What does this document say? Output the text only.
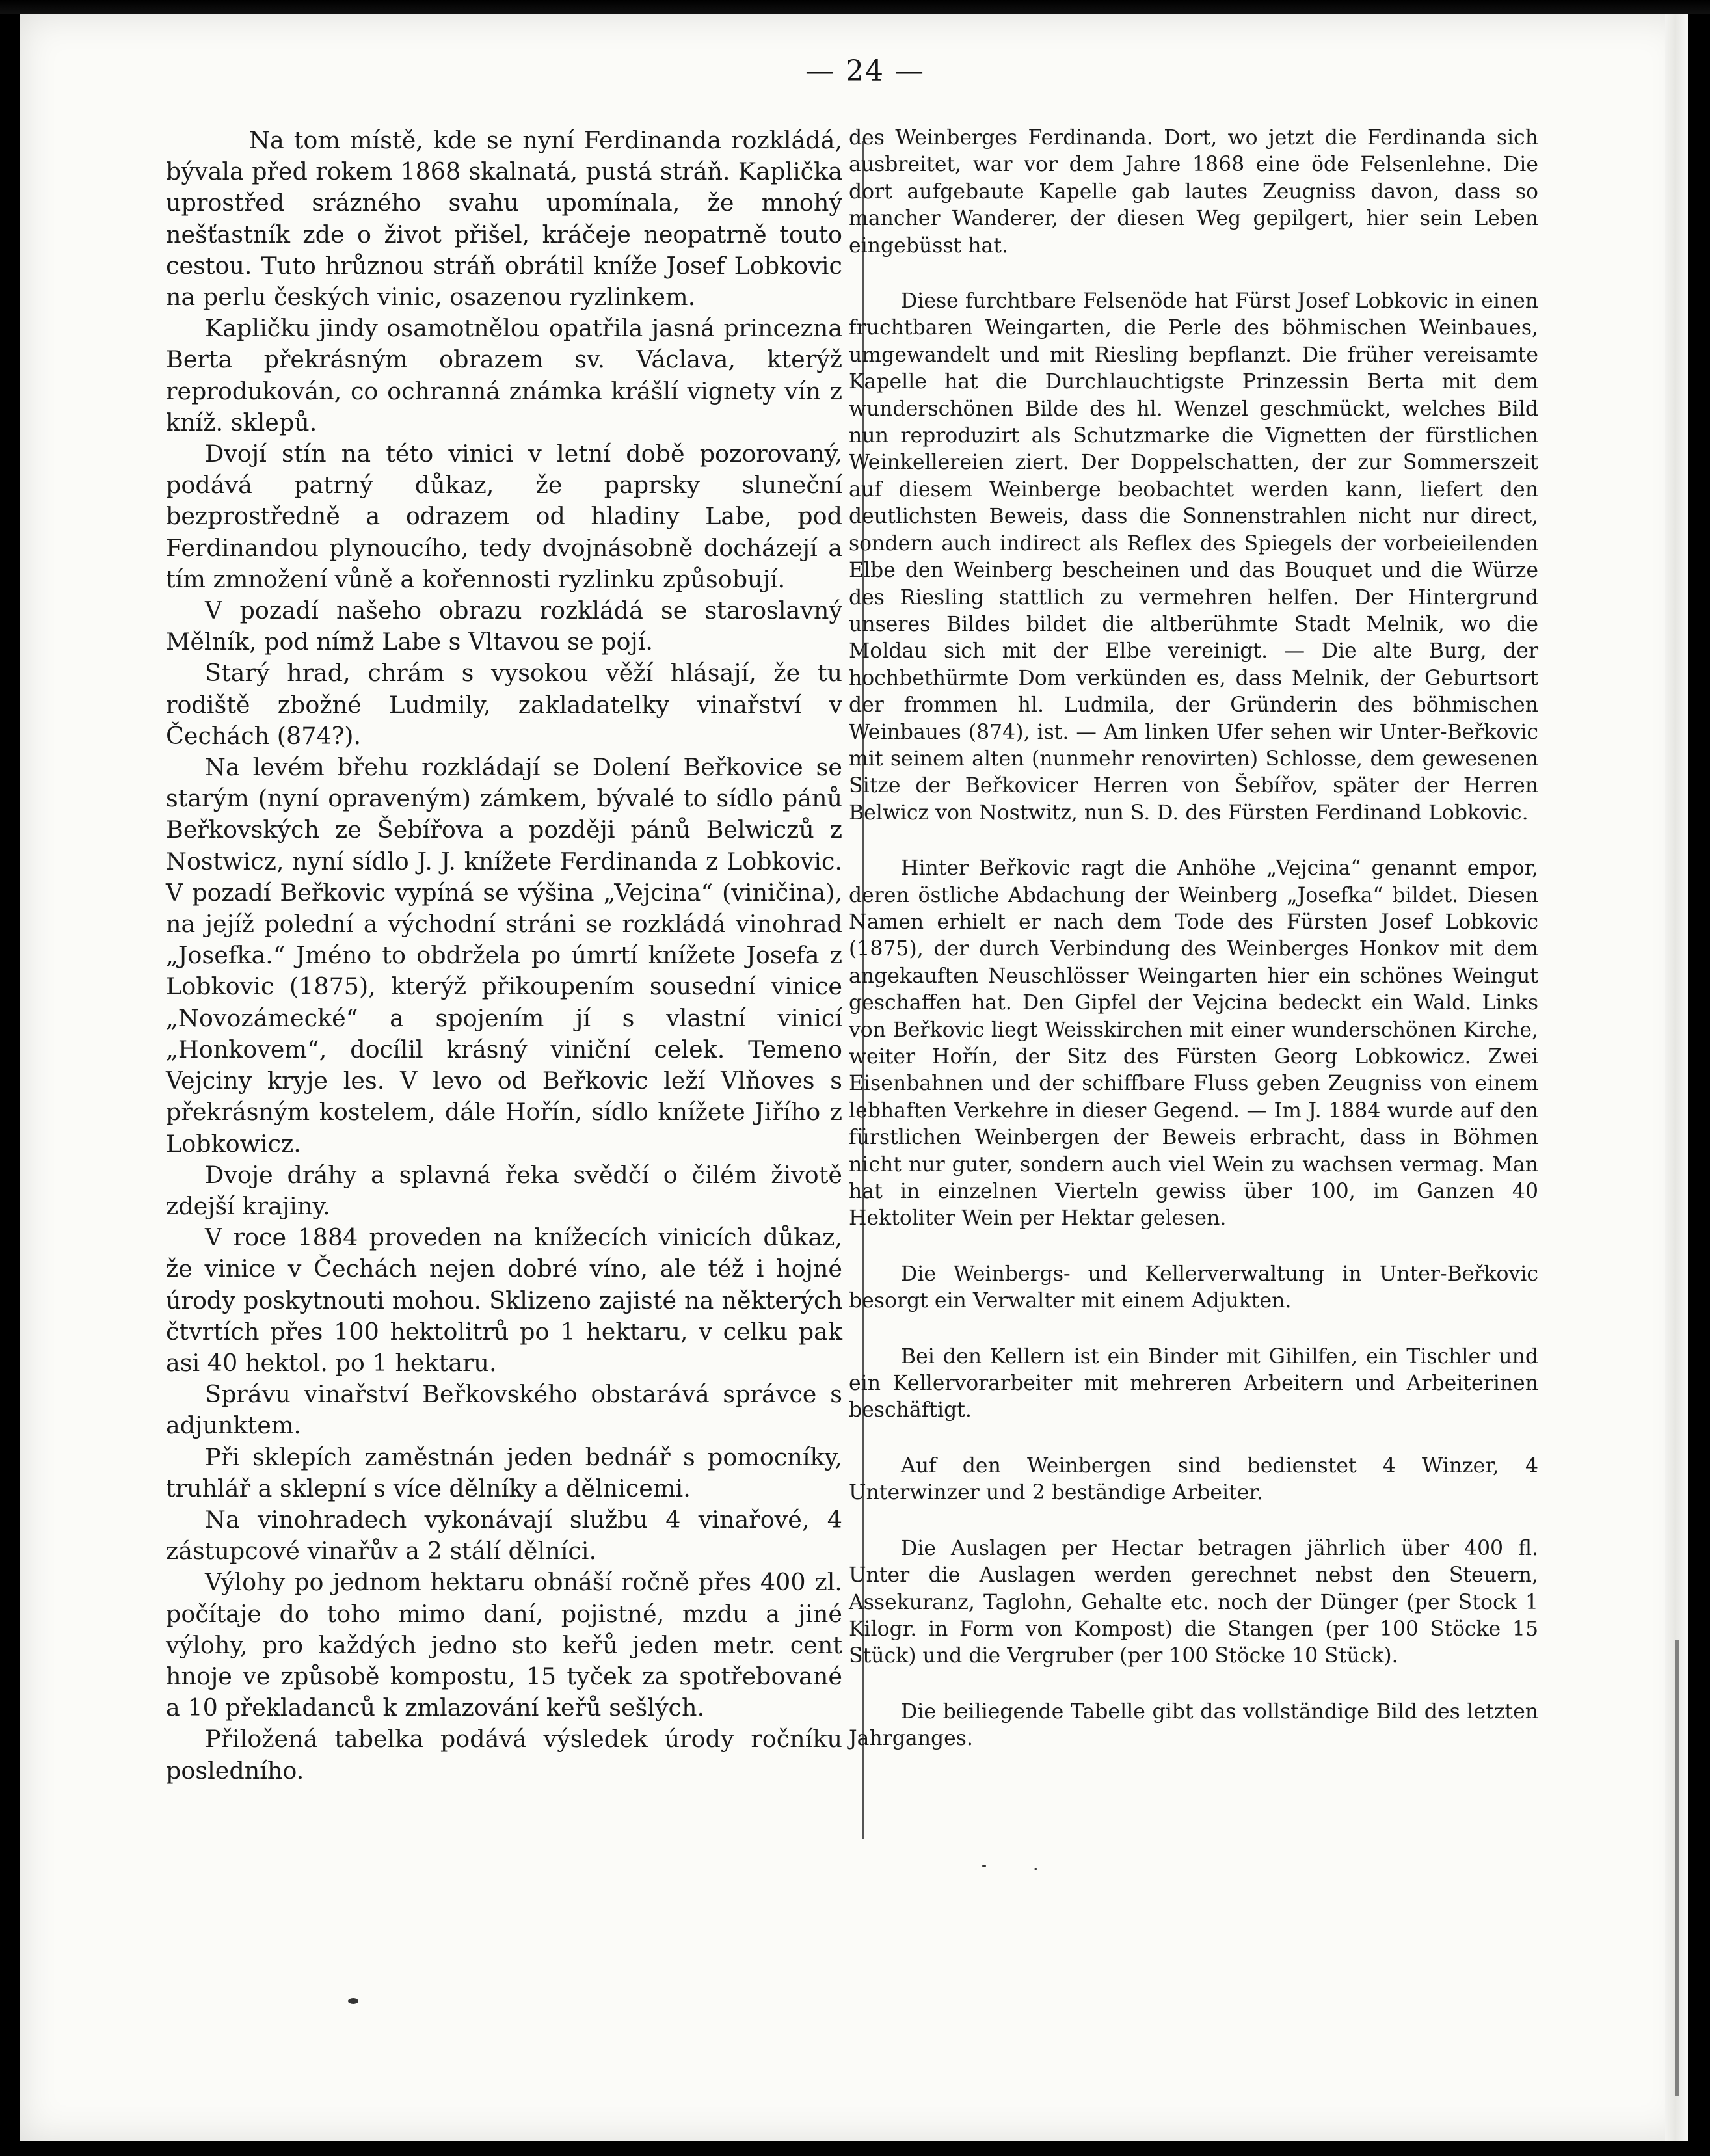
— 24 —

Na tom místě, kde se nyní Ferdinanda rozkládá, bývala před rokem 1868 skalnatá, pustá stráň. Kaplička uprostřed srázného svahu upomínala, že mnohý nešťastník zde o život přišel, kráčeje neopatrně touto cestou. Tuto hrůznou stráň obrátil kníže Josef Lobkovic na perlu českých vinic, osazenou ryzlinkem.

Kapličku jindy osamotnělou opatřila jasná princezna Berta překrásným obrazem sv. Václava, kterýž reprodukován, co ochranná známka krášlí vignety vín z kníž. sklepů.

Dvojí stín na této vinici v letní době pozorovaný, podává patrný důkaz, že paprsky sluneční bezprostředně a odrazem od hladiny Labe, pod Ferdinandou plynoucího, tedy dvojnásobně docházejí a tím zmnožení vůně a kořennosti ryzlinku způsobují.

V pozadí našeho obrazu rozkládá se staroslavný Mělník, pod nímž Labe s Vltavou se pojí.

Starý hrad, chrám s vysokou věží hlásají, že tu rodiště zbožné Ludmily, zakladatelky vinařství v Čechách (874?).

Na levém břehu rozkládají se Dolení Beřkovice se starým (nyní opraveným) zámkem, bývalé to sídlo pánů Beřkovských ze Šebířova a později pánů Belwiczů z Nostwicz, nyní sídlo J. J. knížete Ferdinanda z Lobkovic. V pozadí Beřkovic vypíná se výšina „Vejcina“ (viničina), na jejíž polední a východní stráni se rozkládá vinohrad „Josefka.“ Jméno to obdržela po úmrtí knížete Josefa z Lobkovic (1875), kterýž přikoupením sousední vinice „Novozámecké“ a spojením jí s vlastní vinicí „Honkovem“, docílil krásný viniční celek. Temeno Vejciny kryje les. V levo od Beřkovic leží Vlňoves s překrásným kostelem, dále Hořín, sídlo knížete Jiřího z Lobkowicz.

Dvoje dráhy a splavná řeka svědčí o čilém životě zdejší krajiny.

V roce 1884 proveden na knížecích vinicích důkaz, že vinice v Čechách nejen dobré víno, ale též i hojné úrody poskytnouti mohou. Sklizeno zajisté na některých čtvrtích přes 100 hektolitrů po 1 hektaru, v celku pak asi 40 hektol. po 1 hektaru.

Správu vinařství Beřkovského obstarává správce s adjunktem.

Při sklepích zaměstnán jeden bednář s pomocníky, truhlář a sklepní s více dělníky a dělnicemi.

Na vinohradech vykonávají službu 4 vinařové, 4 zástupcové vinařův a 2 stálí dělníci.

Výlohy po jednom hektaru obnáší ročně přes 400 zl. počítaje do toho mimo daní, pojistné, mzdu a jiné výlohy, pro každých jedno sto keřů jeden metr. cent hnoje ve způsobě kompostu, 15 tyček za spotřebované a 10 překladanců k zmlazování keřů sešlých.

Přiložená tabelka podává výsledek úrody ročníku posledního.

des Weinberges Ferdinanda. Dort, wo jetzt die Ferdinanda sich ausbreitet, war vor dem Jahre 1868 eine öde Felsenlehne. Die dort aufgebaute Kapelle gab lautes Zeugniss davon, dass so mancher Wanderer, der diesen Weg gepilgert, hier sein Leben eingebüsst hat.

Diese furchtbare Felsenöde hat Fürst Josef Lobkovic in einen fruchtbaren Weingarten, die Perle des böhmischen Weinbaues, umgewandelt und mit Riesling bepflanzt. Die früher vereisamte Kapelle hat die Durchlauchtigste Prinzessin Berta mit dem wunderschönen Bilde des hl. Wenzel geschmückt, welches Bild nun reproduzirt als Schutzmarke die Vignetten der fürstlichen Weinkellereien ziert. Der Doppelschatten, der zur Sommerszeit auf diesem Weinberge beobachtet werden kann, liefert den deutlichsten Beweis, dass die Sonnenstrahlen nicht nur direct, sondern auch indirect als Reflex des Spiegels der vorbeieilenden Elbe den Weinberg bescheinen und das Bouquet und die Würze des Riesling stattlich zu vermehren helfen. Der Hintergrund unseres Bildes bildet die altberühmte Stadt Melnik, wo die Moldau sich mit der Elbe vereinigt. — Die alte Burg, der hochbethürmte Dom verkünden es, dass Melnik, der Geburtsort der frommen hl. Ludmila, der Gründerin des böhmischen Weinbaues (874), ist. — Am linken Ufer sehen wir Unter-Beřkovic mit seinem alten (nunmehr renovirten) Schlosse, dem gewesenen Sitze der Beřkovicer Herren von Šebířov, später der Herren Belwicz von Nostwitz, nun S. D. des Fürsten Ferdinand Lobkovic.

Hinter Beřkovic ragt die Anhöhe „Vejcina“ genannt empor, deren östliche Abdachung der Weinberg „Josefka“ bildet. Diesen Namen erhielt er nach dem Tode des Fürsten Josef Lobkovic (1875), der durch Verbindung des Weinberges Honkov mit dem angekauften Neuschlösser Weingarten hier ein schönes Weingut geschaffen hat. Den Gipfel der Vejcina bedeckt ein Wald. Links von Beřkovic liegt Weisskirchen mit einer wunderschönen Kirche, weiter Hořín, der Sitz des Fürsten Georg Lobkowicz. Zwei Eisenbahnen und der schiffbare Fluss geben Zeugniss von einem lebhaften Verkehre in dieser Gegend. — Im J. 1884 wurde auf den fürstlichen Weinbergen der Beweis erbracht, dass in Böhmen nicht nur guter, sondern auch viel Wein zu wachsen vermag. Man hat in einzelnen Vierteln gewiss über 100, im Ganzen 40 Hektoliter Wein per Hektar gelesen.

Die Weinbergs- und Kellerverwaltung in Unter-Beřkovic besorgt ein Verwalter mit einem Adjukten.

Bei den Kellern ist ein Binder mit Gihilfen, ein Tischler und ein Kellervorarbeiter mit mehreren Arbeitern und Arbeiterinen beschäftigt.

Auf den Weinbergen sind bedienstet 4 Winzer, 4 Unterwinzer und 2 beständige Arbeiter.

Die Auslagen per Hectar betragen jährlich über 400 fl. Unter die Auslagen werden gerechnet nebst den Steuern, Assekuranz, Taglohn, Gehalte etc. noch der Dünger (per Stock 1 Kilogr. in Form von Kompost) die Stangen (per 100 Stöcke 15 Stück) und die Vergruber (per 100 Stöcke 10 Stück).

Die beiliegende Tabelle gibt das vollständige Bild des letzten Jahrganges.
